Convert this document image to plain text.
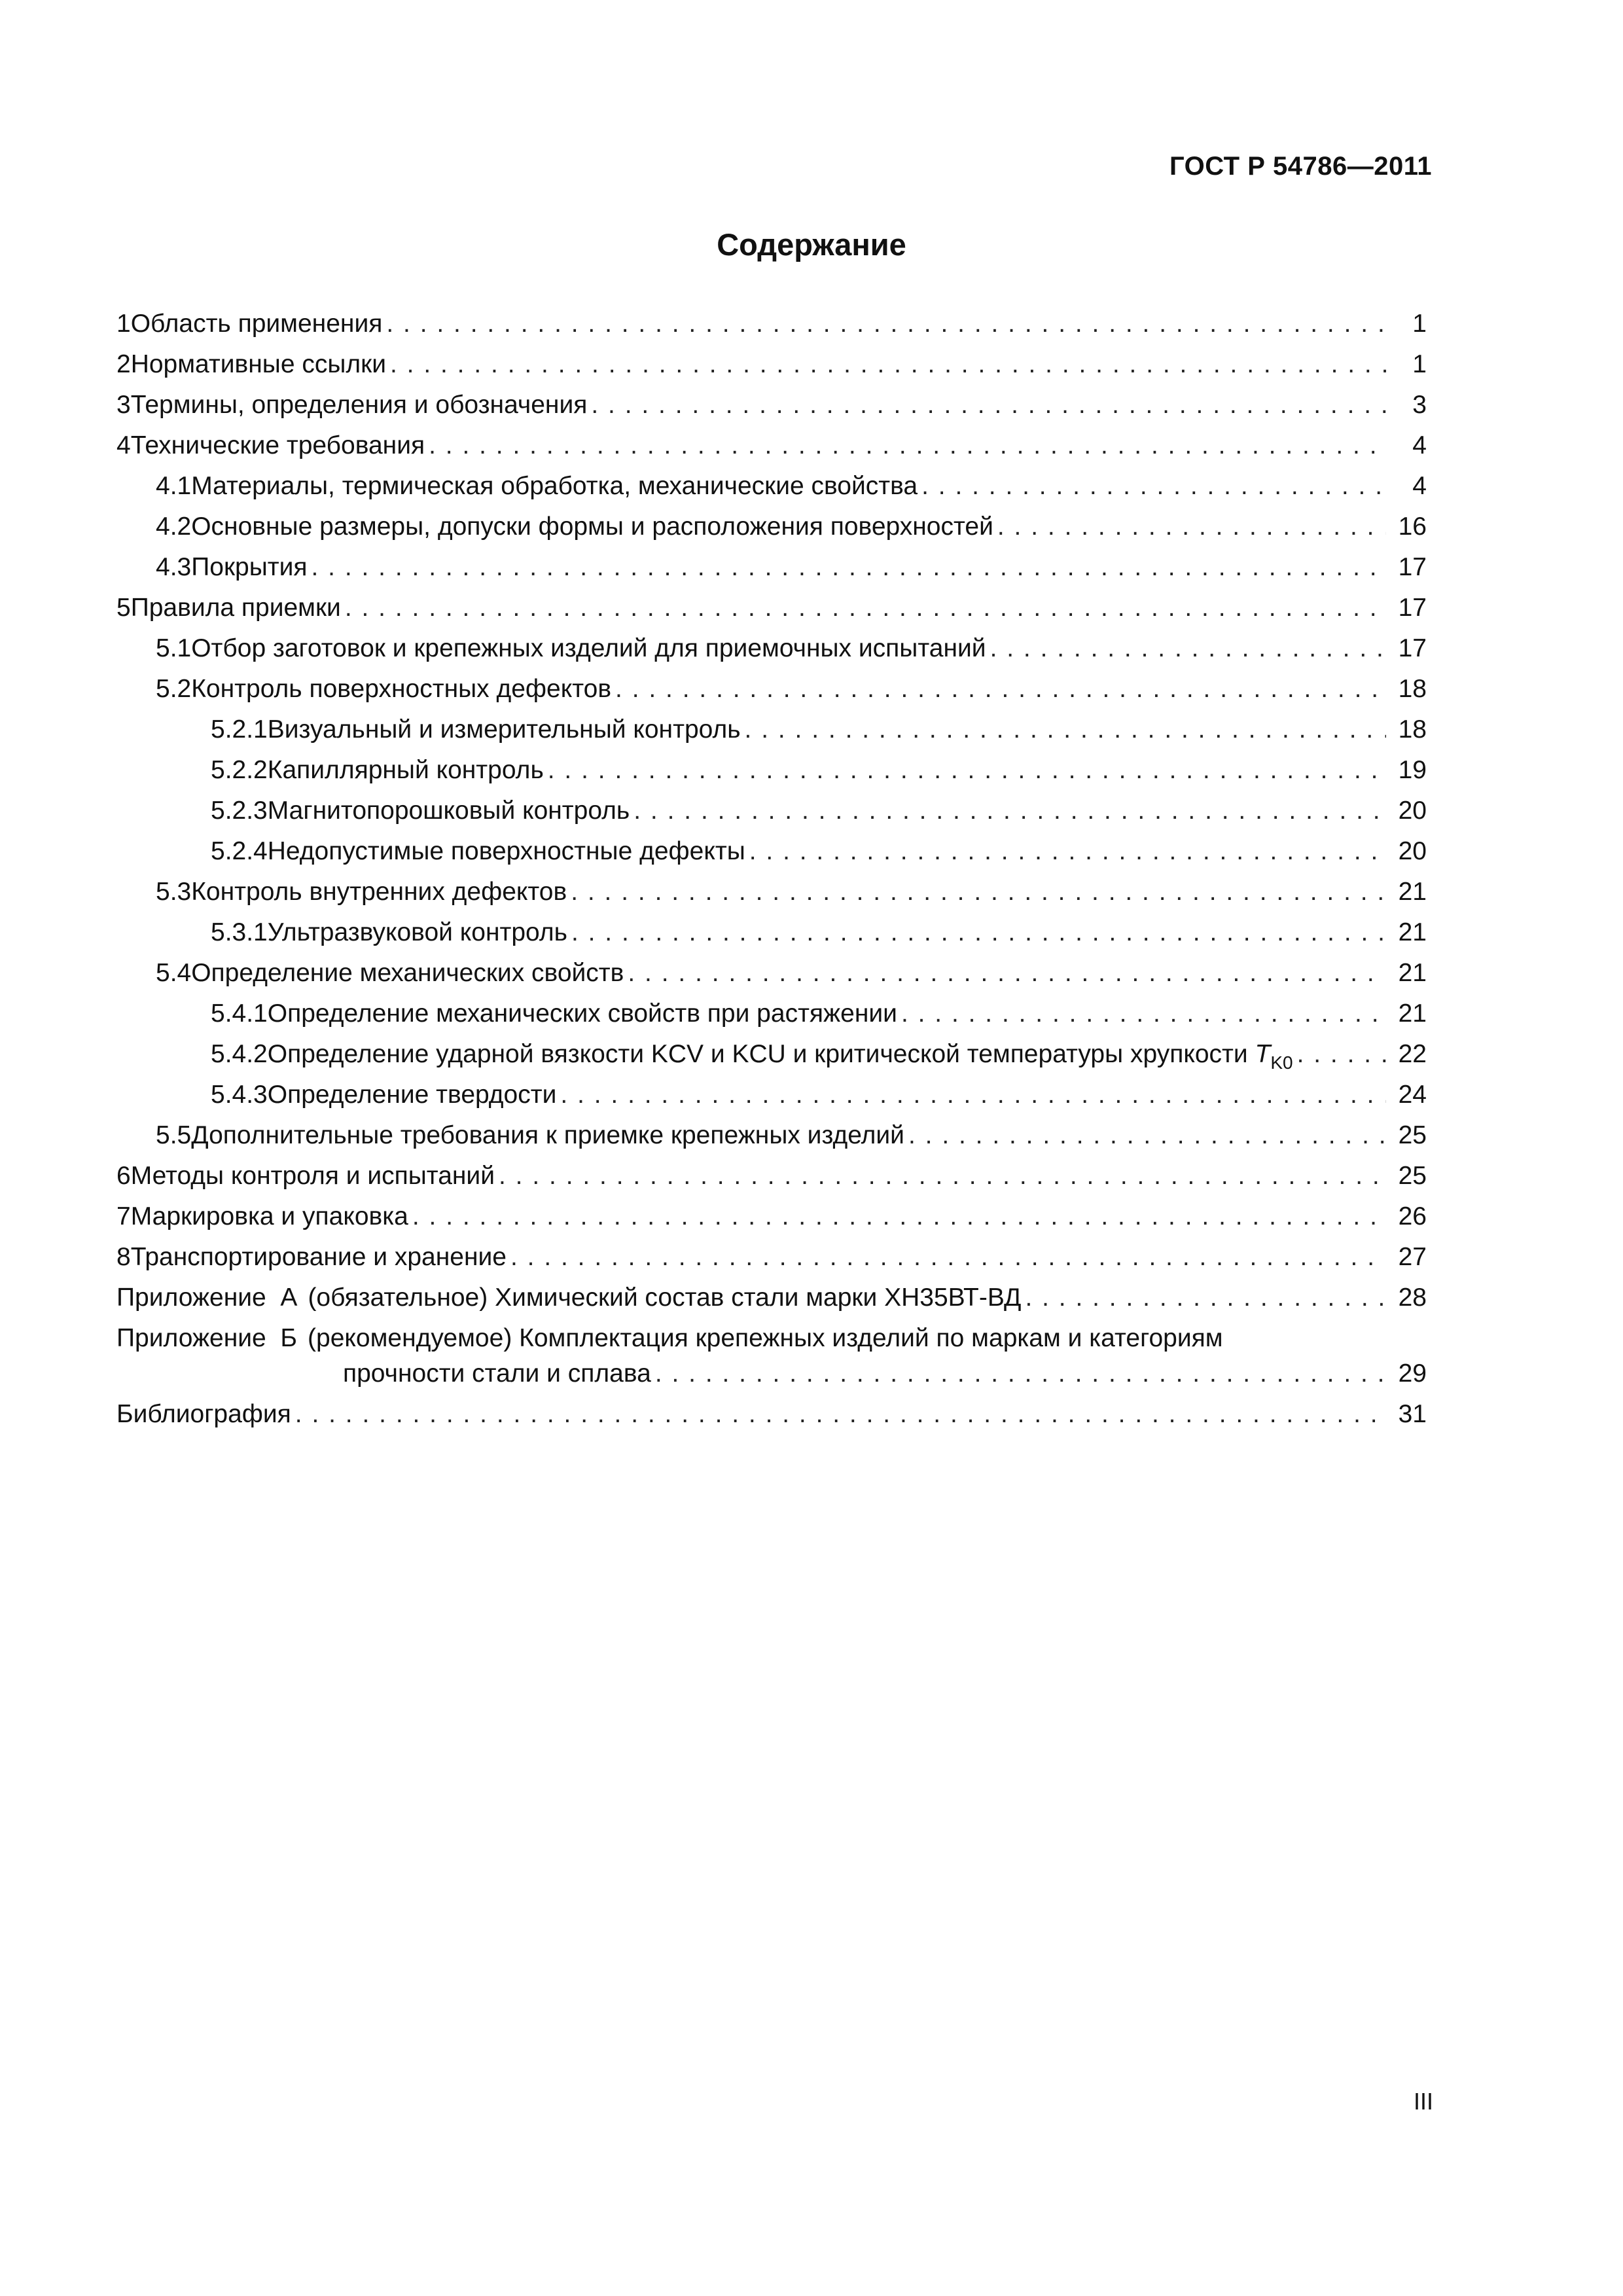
ГОСТ Р 54786—2011
Содержание
1 Область применения . . .	1
2 Нормативные ссылки . . .	1
3 Термины, определения и обозначения . . .	3
4 Технические требования . . .	4
4.1 Материалы, термическая обработка, механические свойства . . .	4
4.2 Основные размеры, допуски формы и расположения поверхностей . . .	16
4.3 Покрытия . . .	17
5 Правила приемки . . .	17
5.1 Отбор заготовок и крепежных изделий для приемочных испытаний . . .	17
5.2 Контроль поверхностных дефектов . . .	18
5.2.1 Визуальный и измерительный контроль . . .	18
5.2.2 Капиллярный контроль . . .	19
5.2.3 Магнитопорошковый контроль . . .	20
5.2.4 Недопустимые поверхностные дефекты . . .	20
5.3 Контроль внутренних дефектов . . .	21
5.3.1 Ультразвуковой контроль . . .	21
5.4 Определение механических свойств . . .	21
5.4.1 Определение механических свойств при растяжении . . .	21
5.4.2 Определение ударной вязкости KCV и KCU и критической температуры хрупкости $T_{K0}$ . . .	22
5.4.3 Определение твердости . . .	24
5.5 Дополнительные требования к приемке крепежных изделий . . .	25
6 Методы контроля и испытаний . . .	25
7 Маркировка и упаковка . . .	26
8 Транспортирование и хранение . . .	27
Приложение  А (обязательное) Химический состав стали марки ХН35ВТ-ВД . . .	28
Приложение  Б (рекомендуемое) Комплектация крепежных изделий по маркам и категориям
прочности стали и сплава . . .	29
Библиография . . .	31
III
